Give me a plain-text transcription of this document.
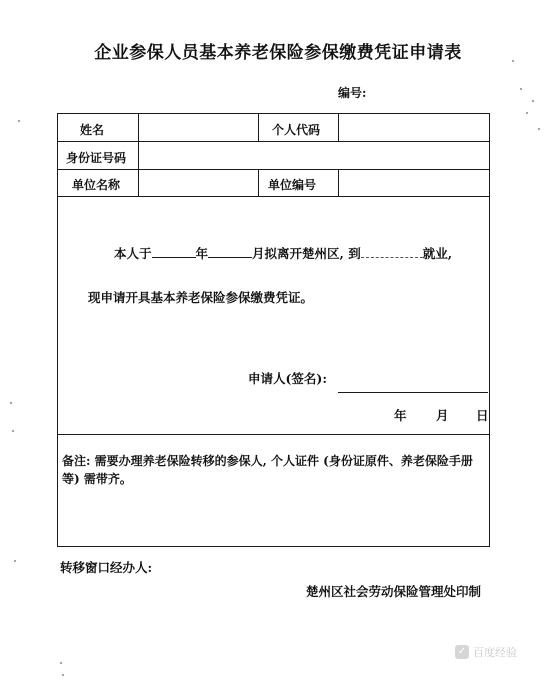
企业参保人员基本养老保险参保缴费凭证申请表
编号:
姓名	个人代码
身份证号码
单位名称	单位编号
本人于	年	月拟离开楚州区, 到	就业,
现申请开具基本养老保险参保缴费凭证。
申请人(签名):
年 月 日
备注: 需要办理养老保险转移的参保人, 个人证件 (身份证原件、养老保险手册等) 需带齐。
转移窗口经办人:
楚州区社会劳动保险管理处印制
✓ 百度经验
